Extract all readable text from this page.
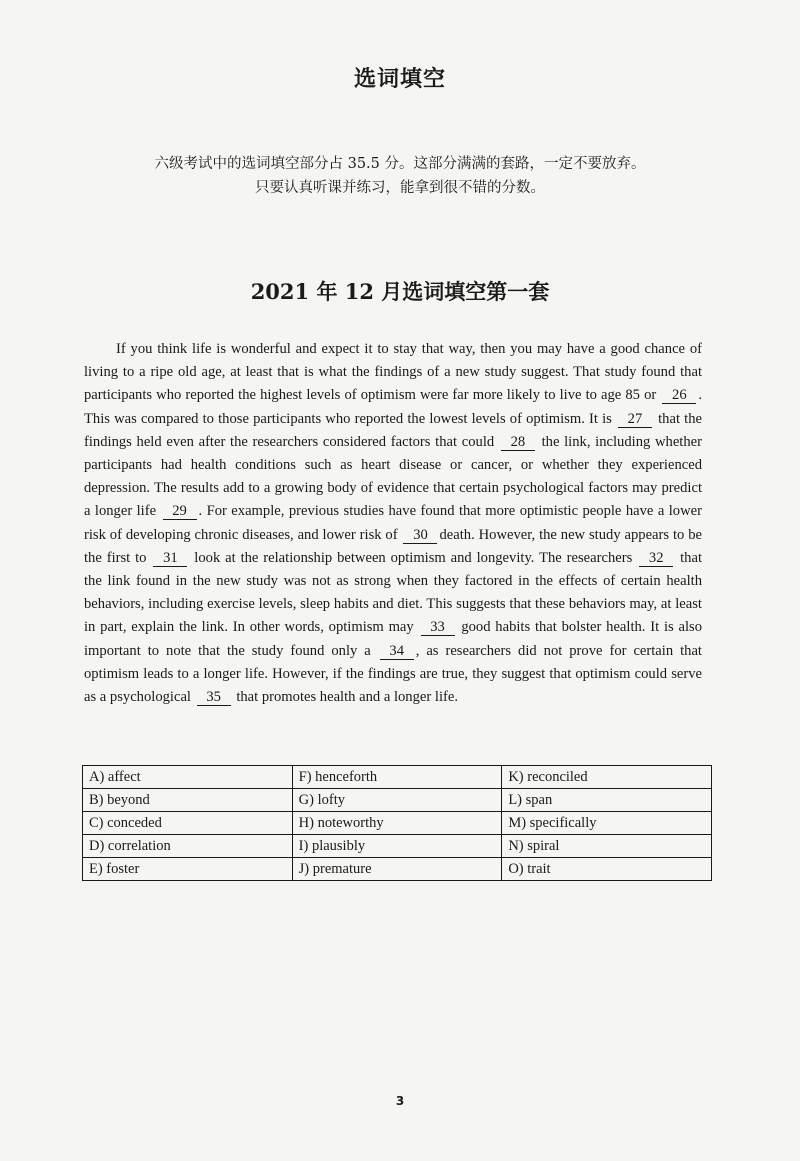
选词填空
六级考试中的选词填空部分占 35.5 分。这部分满满的套路，一定不要放弃。
只要认真听课并练习，能拿到很不错的分数。
2021 年 12 月选词填空第一套
If you think life is wonderful and expect it to stay that way, then you may have a good chance of living to a ripe old age, at least that is what the findings of a new study suggest. That study found that participants who reported the highest levels of optimism were far more likely to live to age 85 or 26 . This was compared to those participants who reported the lowest levels of optimism. It is 27 that the findings held even after the researchers considered factors that could 28 the link, including whether participants had health conditions such as heart disease or cancer, or whether they experienced depression. The results add to a growing body of evidence that certain psychological factors may predict a longer life 29 . For example, previous studies have found that more optimistic people have a lower risk of developing chronic diseases, and lower risk of 30 death. However, the new study appears to be the first to 31 look at the relationship between optimism and longevity. The researchers 32 that the link found in the new study was not as strong when they factored in the effects of certain health behaviors, including exercise levels, sleep habits and diet. This suggests that these behaviors may, at least in part, explain the link. In other words, optimism may 33 good habits that bolster health. It is also important to note that the study found only a 34 , as researchers did not prove for certain that optimism leads to a longer life. However, if the findings are true, they suggest that optimism could serve as a psychological 35 that promotes health and a longer life.
A) affect	F) henceforth	K) reconciled
B) beyond	G) lofty	L) span
C) conceded	H) noteworthy	M) specifically
D) correlation	I) plausibly	N) spiral
E) foster	J) premature	O) trait
3
